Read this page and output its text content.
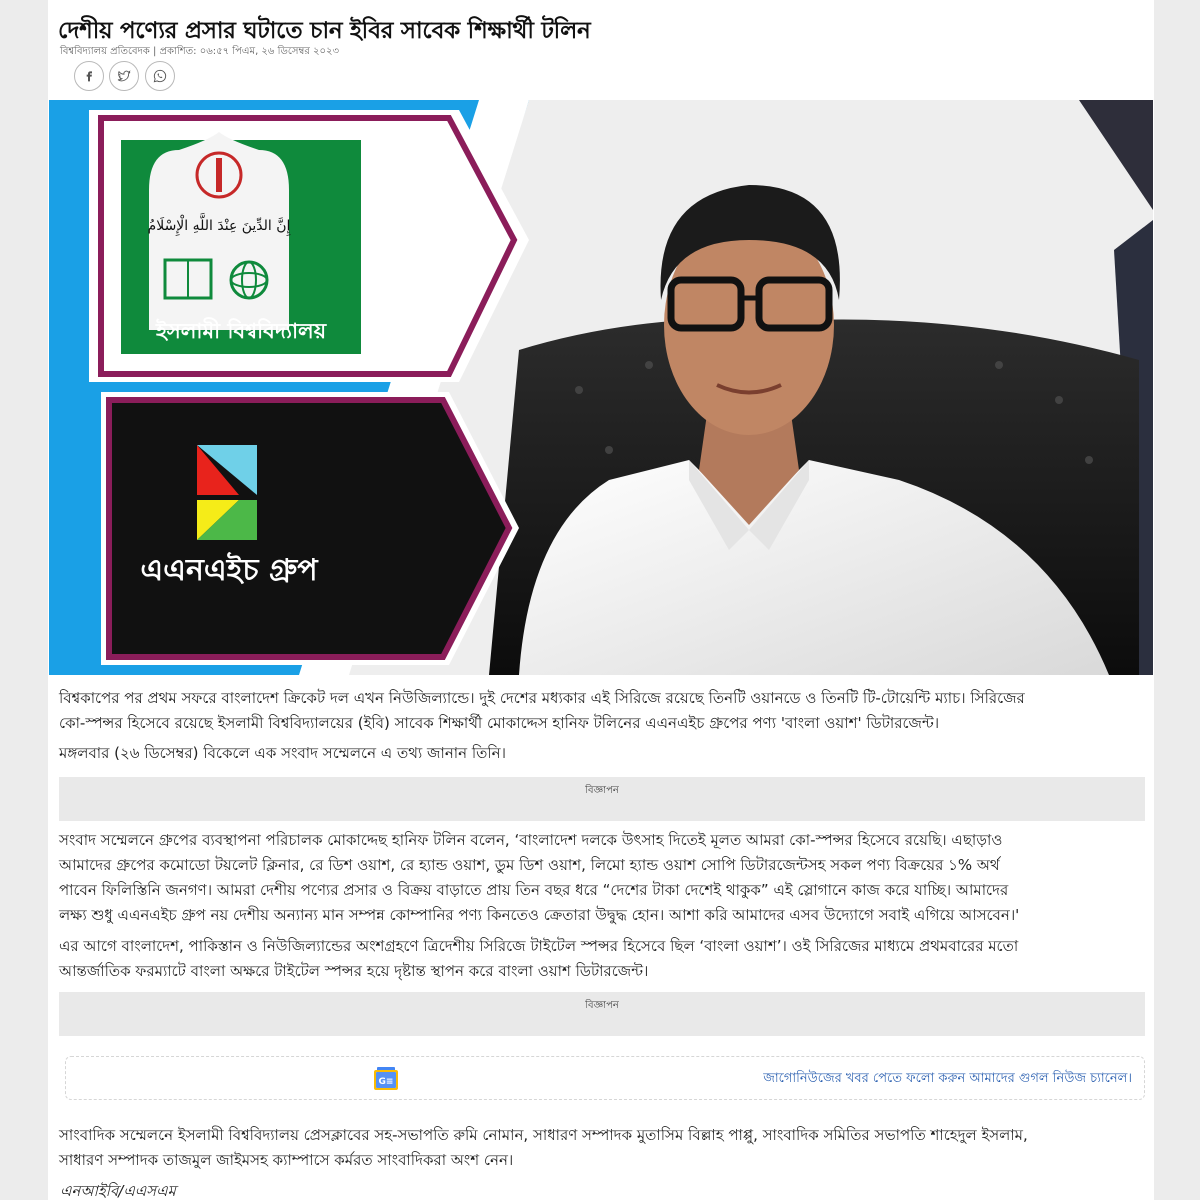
দেশীয় পণ্যের প্রসার ঘটাতে চান ইবির সাবেক শিক্ষার্থী টলিন
বিশ্ববিদ্যালয় প্রতিবেদক | প্রকাশিত: ০৬:৫৭ পিএম, ২৬ ডিসেম্বর ২০২৩
إِنَّ الدِّينَ عِنْدَ اللَّهِ الْإِسْلَامُ
ইসলামী বিশ্ববিদ্যালয়
এএনএইচ গ্রুপ
বিশ্বকাপের পর প্রথম সফরে বাংলাদেশ ক্রিকেট দল এখন নিউজিল্যান্ডে। দুই দেশের মধ্যকার এই সিরিজে রয়েছে তিনটি ওয়ানডে ও তিনটি টি-টোয়েন্টি ম্যাচ। সিরিজের
কো-স্পন্সর হিসেবে রয়েছে ইসলামী বিশ্ববিদ্যালয়ের (ইবি) সাবেক শিক্ষার্থী মোকাদ্দেস হানিফ টলিনের এএনএইচ গ্রুপের পণ্য 'বাংলা ওয়াশ' ডিটারজেন্ট।
মঙ্গলবার (২৬ ডিসেম্বর) বিকেলে এক সংবাদ সম্মেলনে এ তথ্য জানান তিনি।
বিজ্ঞাপন
সংবাদ সম্মেলনে গ্রুপের ব্যবস্থাপনা পরিচালক মোকাদ্দেছ হানিফ টলিন বলেন, ‘বাংলাদেশ দলকে উৎসাহ দিতেই মূলত আমরা কো-স্পন্সর হিসেবে রয়েছি। এছাড়াও
আমাদের গ্রুপের কমোডো টয়লেট ক্লিনার, রে ডিশ ওয়াশ, রে হ্যান্ড ওয়াশ, ডুম ডিশ ওয়াশ, লিমো হ্যান্ড ওয়াশ সোপি ডিটারজেন্টসহ সকল পণ্য বিক্রয়ের ১% অর্থ
পাবেন ফিলিস্তিনি জনগণ। আমরা দেশীয় পণ্যের প্রসার ও বিক্রয় বাড়াতে প্রায় তিন বছর ধরে “দেশের টাকা দেশেই থাকুক” এই স্লোগানে কাজ করে যাচ্ছি। আমাদের
লক্ষ্য শুধু এএনএইচ গ্রুপ নয় দেশীয় অন্যান্য মান সম্পন্ন কোম্পানির পণ্য কিনতেও ক্রেতারা উদ্বুদ্ধ হোন। আশা করি আমাদের এসব উদ্যোগে সবাই এগিয়ে আসবেন।'
এর আগে বাংলাদেশ, পাকিস্তান ও নিউজিল্যান্ডের অংশগ্রহণে ত্রিদেশীয় সিরিজে টাইটেল স্পন্সর হিসেবে ছিল ‘বাংলা ওয়াশ’। ওই সিরিজের মাধ্যমে প্রথমবারের মতো
আন্তর্জাতিক ফরম্যাটে বাংলা অক্ষরে টাইটেল স্পন্সর হয়ে দৃষ্টান্ত স্থাপন করে বাংলা ওয়াশ ডিটারজেন্ট।
বিজ্ঞাপন
G≡	জাগোনিউজের খবর পেতে ফলো করুন আমাদের গুগল নিউজ চ্যানেল।
সাংবাদিক সম্মেলনে ইসলামী বিশ্ববিদ্যালয় প্রেসক্লাবের সহ-সভাপতি রুমি নোমান, সাধারণ সম্পাদক মুতাসিম বিল্লাহ পাপ্পু, সাংবাদিক সমিতির সভাপতি শাহেদুল ইসলাম,
সাধারণ সম্পাদক তাজমুল জাইমসহ ক্যাম্পাসে কর্মরত সাংবাদিকরা অংশ নেন।
এনআইবি/এএসএম
